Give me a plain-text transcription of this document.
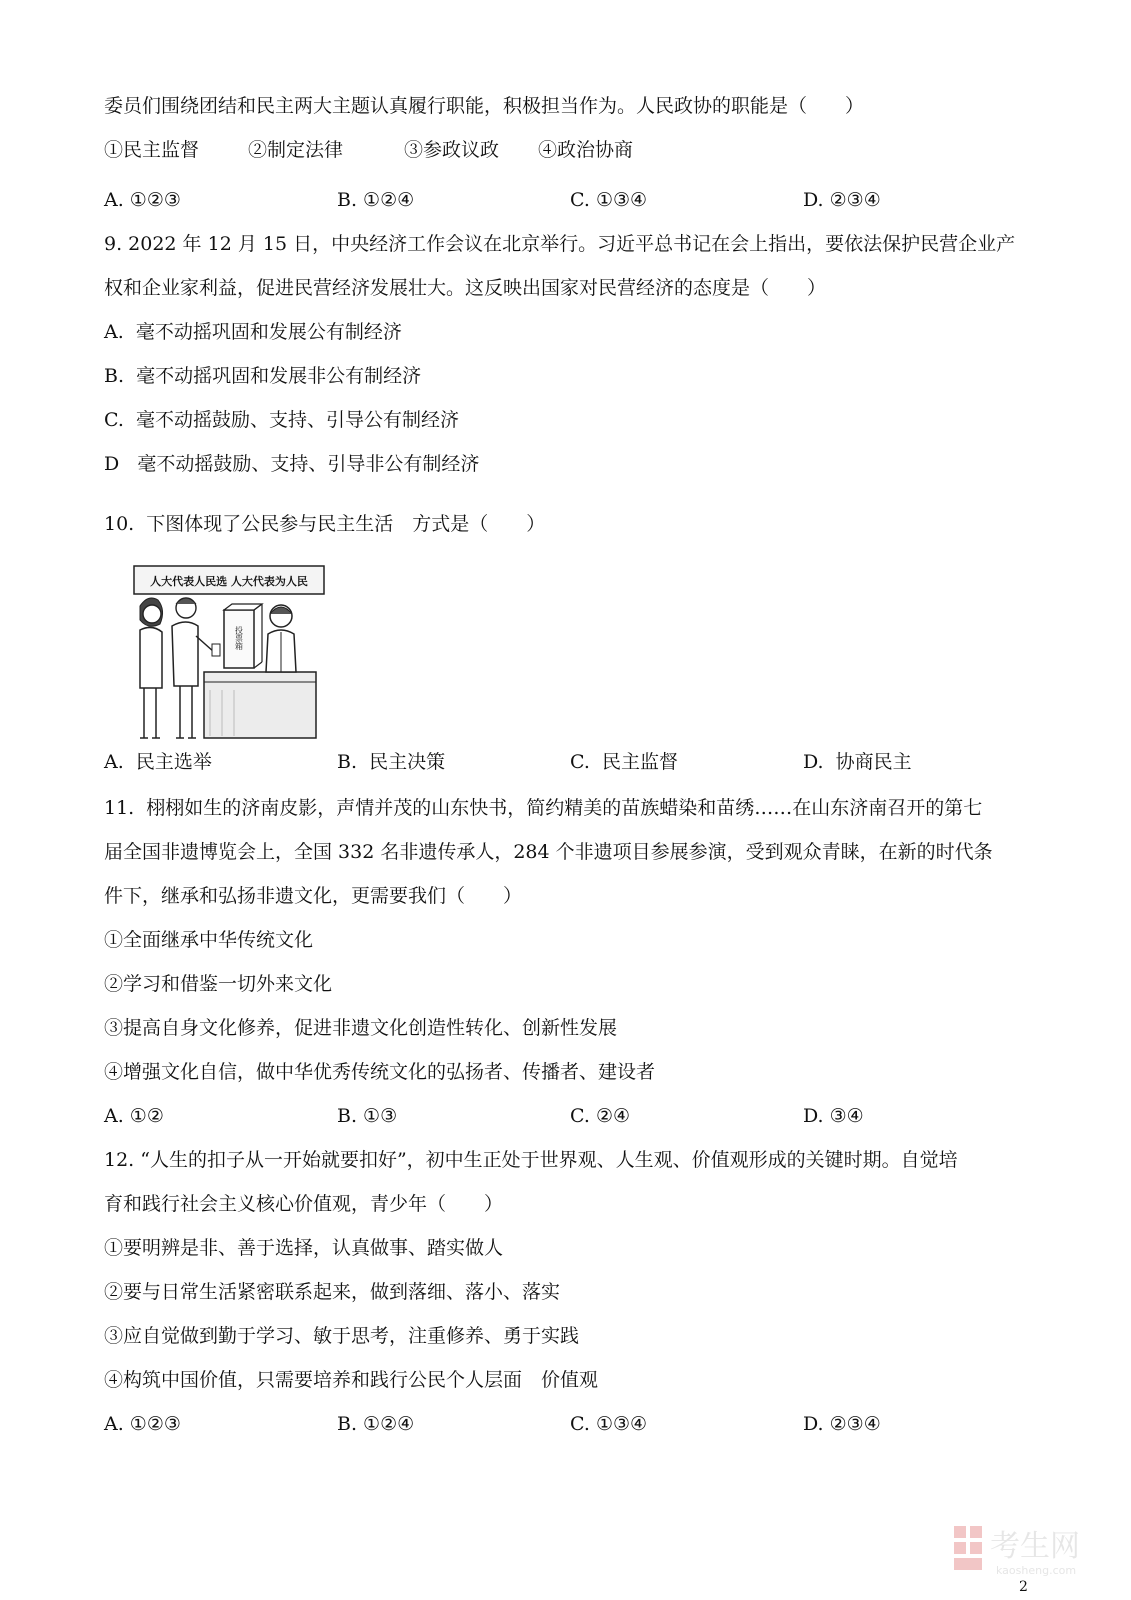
委员们围绕团结和民主两大主题认真履行职能，积极担当作为。人民政协的职能是（　　）
①民主监督	②制定法律	③参政议政 ④政治协商
A. ①②③	B. ①②④	C. ①③④	D. ②③④
9. 2022 年 12 月 15 日，中央经济工作会议在北京举行。习近平总书记在会上指出，要依法保护民营企业产
权和企业家利益，促进民营经济发展壮大。这反映出国家对民营经济的态度是（　　）
A.  毫不动摇巩固和发展公有制经济
B.  毫不动摇巩固和发展非公有制经济
C.  毫不动摇鼓励、支持、引导公有制经济
D   毫不动摇鼓励、支持、引导非公有制经济
10.  下图体现了公民参与民主生活　方式是（　　）
人大代表人民选 人大代表为人民
投票箱
A.  民主选举	B.  民主决策	C.  民主监督	D.  协商民主
11.  栩栩如生的济南皮影，声情并茂的山东快书，简约精美的苗族蜡染和苗绣……在山东济南召开的第七
届全国非遗博览会上，全国 332 名非遗传承人，284 个非遗项目参展参演，受到观众青睐，在新的时代条
件下，继承和弘扬非遗文化，更需要我们（　　）
①全面继承中华传统文化
②学习和借鉴一切外来文化
③提高自身文化修养，促进非遗文化创造性转化、创新性发展
④增强文化自信，做中华优秀传统文化的弘扬者、传播者、建设者
A. ①②	B. ①③	C. ②④	D. ③④
12. “人生的扣子从一开始就要扣好”，初中生正处于世界观、人生观、价值观形成的关键时期。自觉培
育和践行社会主义核心价值观，青少年（　　）
①要明辨是非、善于选择，认真做事、踏实做人
②要与日常生活紧密联系起来，做到落细、落小、落实
③应自觉做到勤于学习、敏于思考，注重修养、勇于实践
④构筑中国价值，只需要培养和践行公民个人层面　价值观
A. ①②③	B. ①②④	C. ①③④	D. ②③④
考生网
kaosheng.com
2
